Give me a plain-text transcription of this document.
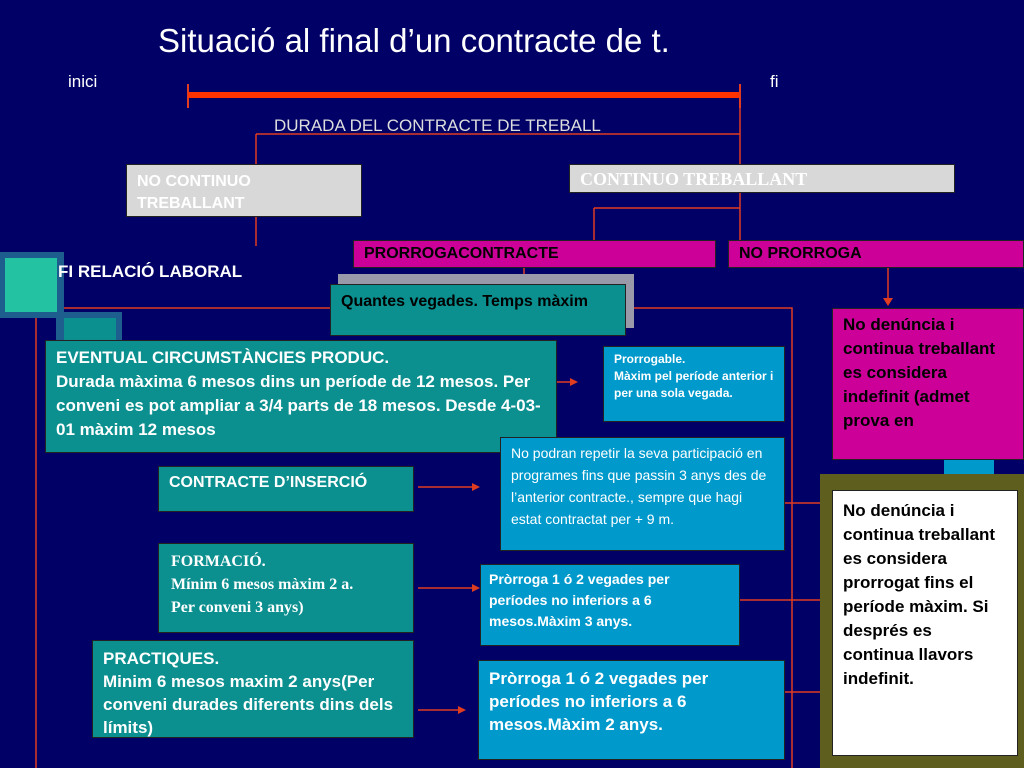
Situació al final d’un contracte de t.
inici	fi
DURADA DEL CONTRACTE DE TREBALL
NO CONTINUO TREBALLANT
CONTINUO TREBALLANT
FI RELACIÓ LABORAL
PRORROGACONTRACTE	NO PRORROGA
Quantes vegades. Temps màxim
EVENTUAL CIRCUMSTÀNCIES PRODUC.
Durada màxima 6 mesos dins un període de 12 mesos. Per conveni es pot ampliar a 3/4 parts de 18 mesos. Desde 4-03-01 màxim 12 mesos
Prorrogable.
Màxim pel període anterior i per una sola vegada.
CONTRACTE D’INSERCIÓ
No podran repetir la seva participació en programes fins que passin 3 anys des de l’anterior contracte., sempre que hagi estat contractat per + 9 m.
FORMACIÓ.
Mínim 6 mesos màxim 2 a.
Per conveni 3 anys)
Pròrroga 1 ó 2 vegades per períodes no inferiors a 6 mesos.Màxim 3 anys.
PRACTIQUES.
Minim 6 mesos maxim 2 anys(Per conveni durades diferents dins dels límits)
Pròrroga 1 ó 2 vegades per períodes no inferiors a 6 mesos.Màxim 2 anys.
No denúncia i continua treballant es considera indefinit (admet prova en
No denúncia i continua treballant es considera prorrogat fins el període màxim. Si després es continua llavors indefinit.
